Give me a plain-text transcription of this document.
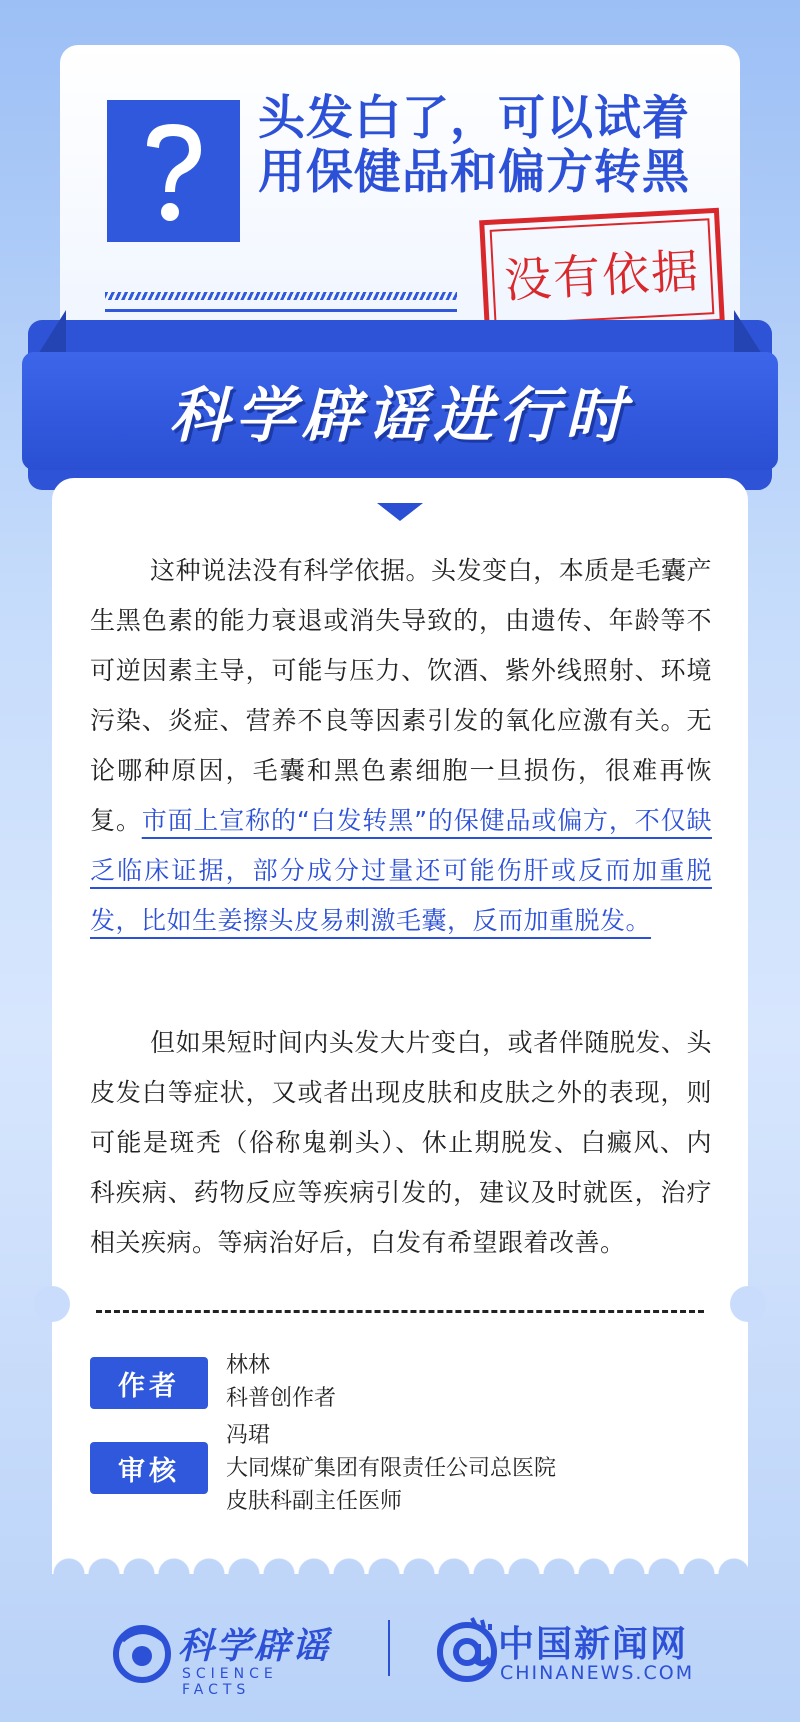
头发白了，可以试着用保健品和偏方转黑
没有依据
科学辟谣进行时
这种说法没有科学依据。头发变白，本质是毛囊产生黑色素的能力衰退或消失导致的，由遗传、年龄等不可逆因素主导，可能与压力、饮酒、紫外线照射、环境污染、炎症、营养不良等因素引发的氧化应激有关。无论哪种原因，毛囊和黑色素细胞一旦损伤，很难再恢复。市面上宣称的“白发转黑”的保健品或偏方，不仅缺乏临床证据，部分成分过量还可能伤肝或反而加重脱发，比如生姜擦头皮易刺激毛囊，反而加重脱发。
但如果短时间内头发大片变白，或者伴随脱发、头皮发白等症状，又或者出现皮肤和皮肤之外的表现，则可能是斑秃（俗称鬼剃头）、休止期脱发、白癜风、内科疾病、药物反应等疾病引发的，建议及时就医，治疗相关疾病。等病治好后，白发有希望跟着改善。
作者
林林
科普创作者
审核
冯珺
大同煤矿集团有限责任公司总医院
皮肤科副主任医师
科学辟谣
SCIENCE FACTS
中国新闻网
CHINANEWS.COM
